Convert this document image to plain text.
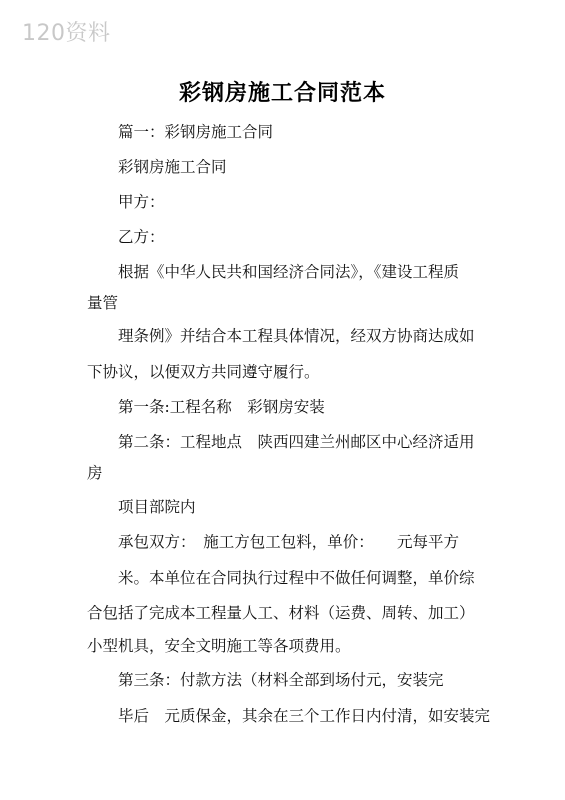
120资料
彩钢房施工合同范本
篇一：彩钢房施工合同
彩钢房施工合同
甲方：
乙方：
根据《中华人民共和国经济合同法》，《建设工程质
量管
理条例》并结合本工程具体情况，经双方协商达成如
下协议，以便双方共同遵守履行。
第一条:工程名称　彩钢房安装
第二条：工程地点　陕西四建兰州邮区中心经济适用
房
项目部院内
承包双方：　施工方包工包料，单价：　　元每平方
米。本单位在合同执行过程中不做任何调整，单价综
合包括了完成本工程量人工、材料（运费、周转、加工）
小型机具，安全文明施工等各项费用。
第三条：付款方法（材料全部到场付元，安装完
毕后　元质保金，其余在三个工作日内付清，如安装完
